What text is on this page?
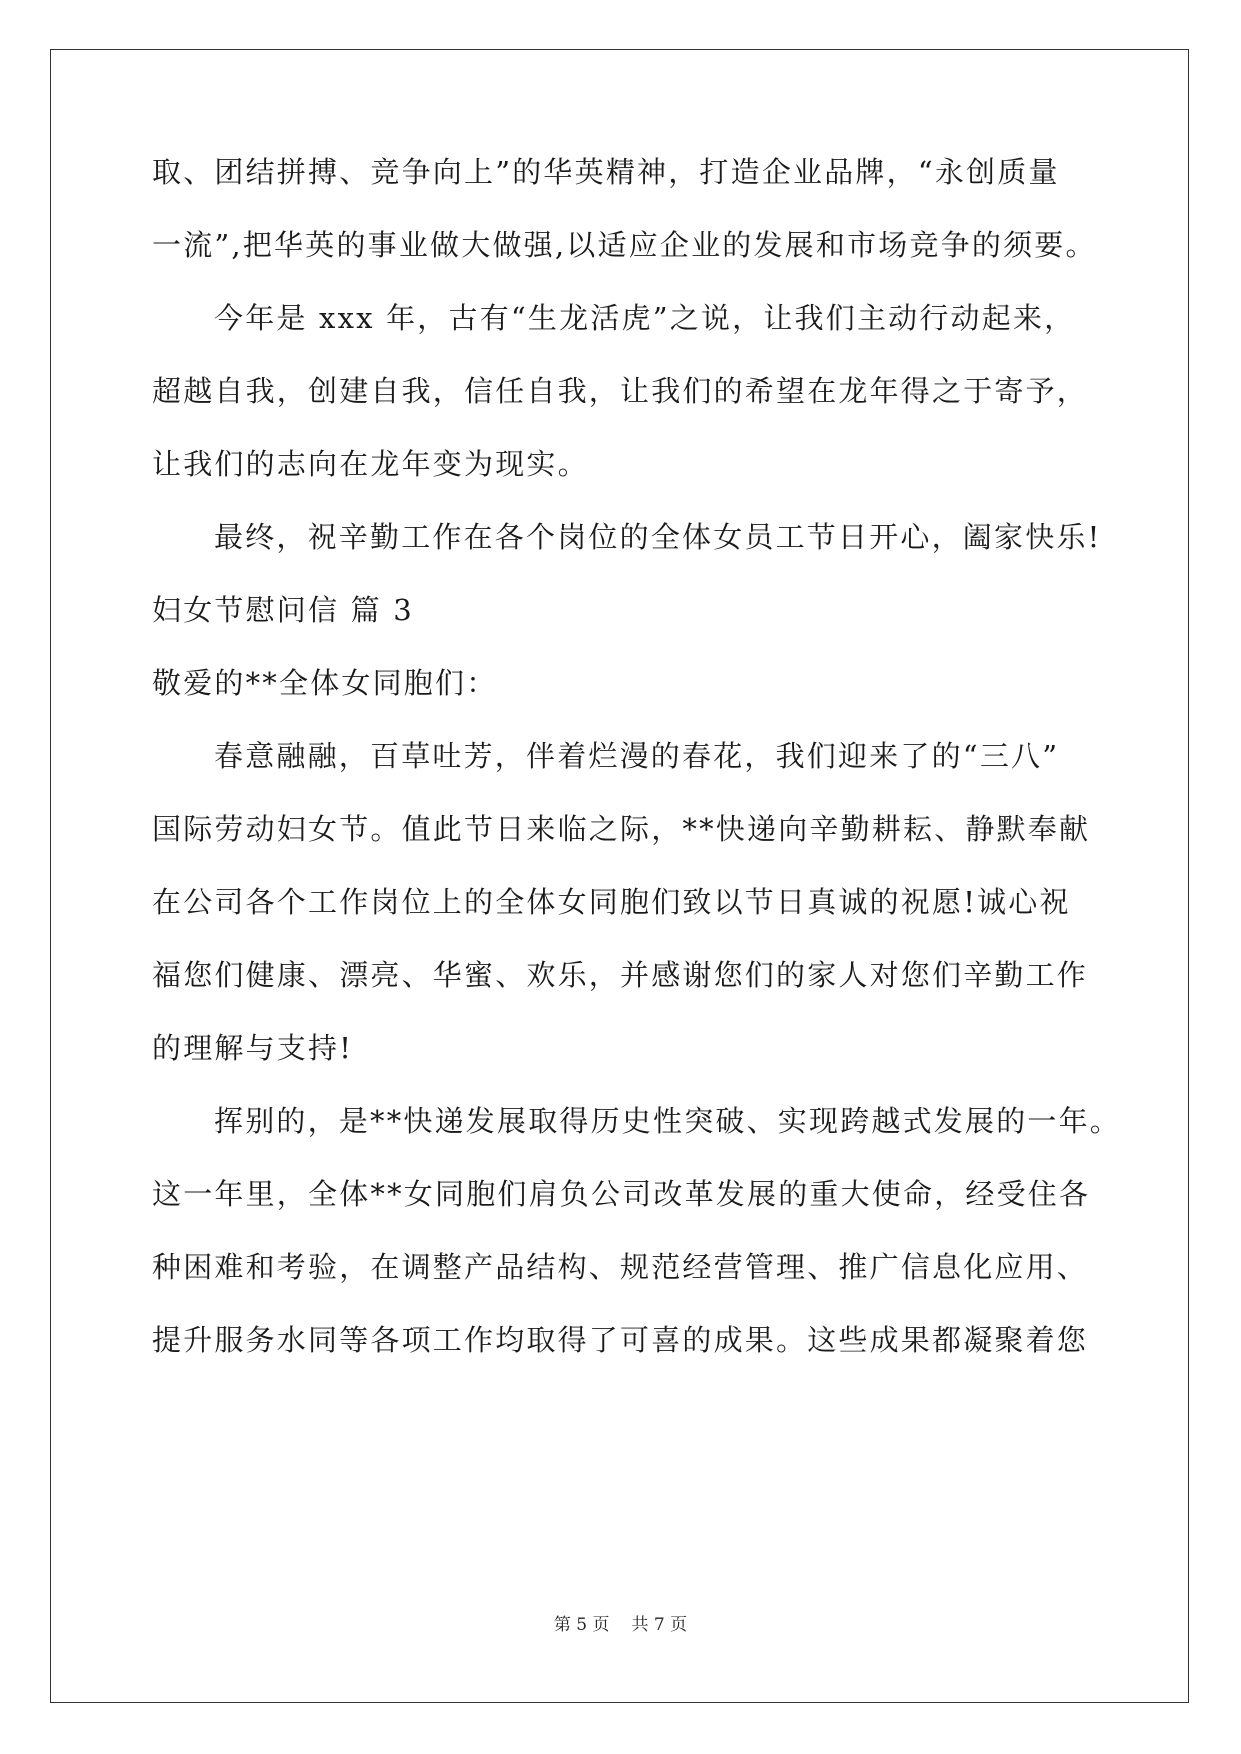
取、团结拼搏、竞争向上”的华英精神，打造企业品牌，“永创质量
一流”,把华英的事业做大做强,以适应企业的发展和市场竞争的须要。
今年是 xxx 年，古有“生龙活虎”之说，让我们主动行动起来，
超越自我，创建自我，信任自我，让我们的希望在龙年得之于寄予，
让我们的志向在龙年变为现实。
最终，祝辛勤工作在各个岗位的全体女员工节日开心，阖家快乐!
妇女节慰问信 篇 3
敬爱的**全体女同胞们：
春意融融，百草吐芳，伴着烂漫的春花，我们迎来了的“三八”
国际劳动妇女节。值此节日来临之际，**快递向辛勤耕耘、静默奉献
在公司各个工作岗位上的全体女同胞们致以节日真诚的祝愿!诚心祝
福您们健康、漂亮、华蜜、欢乐，并感谢您们的家人对您们辛勤工作
的理解与支持!
挥别的，是**快递发展取得历史性突破、实现跨越式发展的一年。
这一年里，全体**女同胞们肩负公司改革发展的重大使命，经受住各
种困难和考验，在调整产品结构、规范经营管理、推广信息化应用、
提升服务水同等各项工作均取得了可喜的成果。这些成果都凝聚着您
第 5 页 共 7 页
